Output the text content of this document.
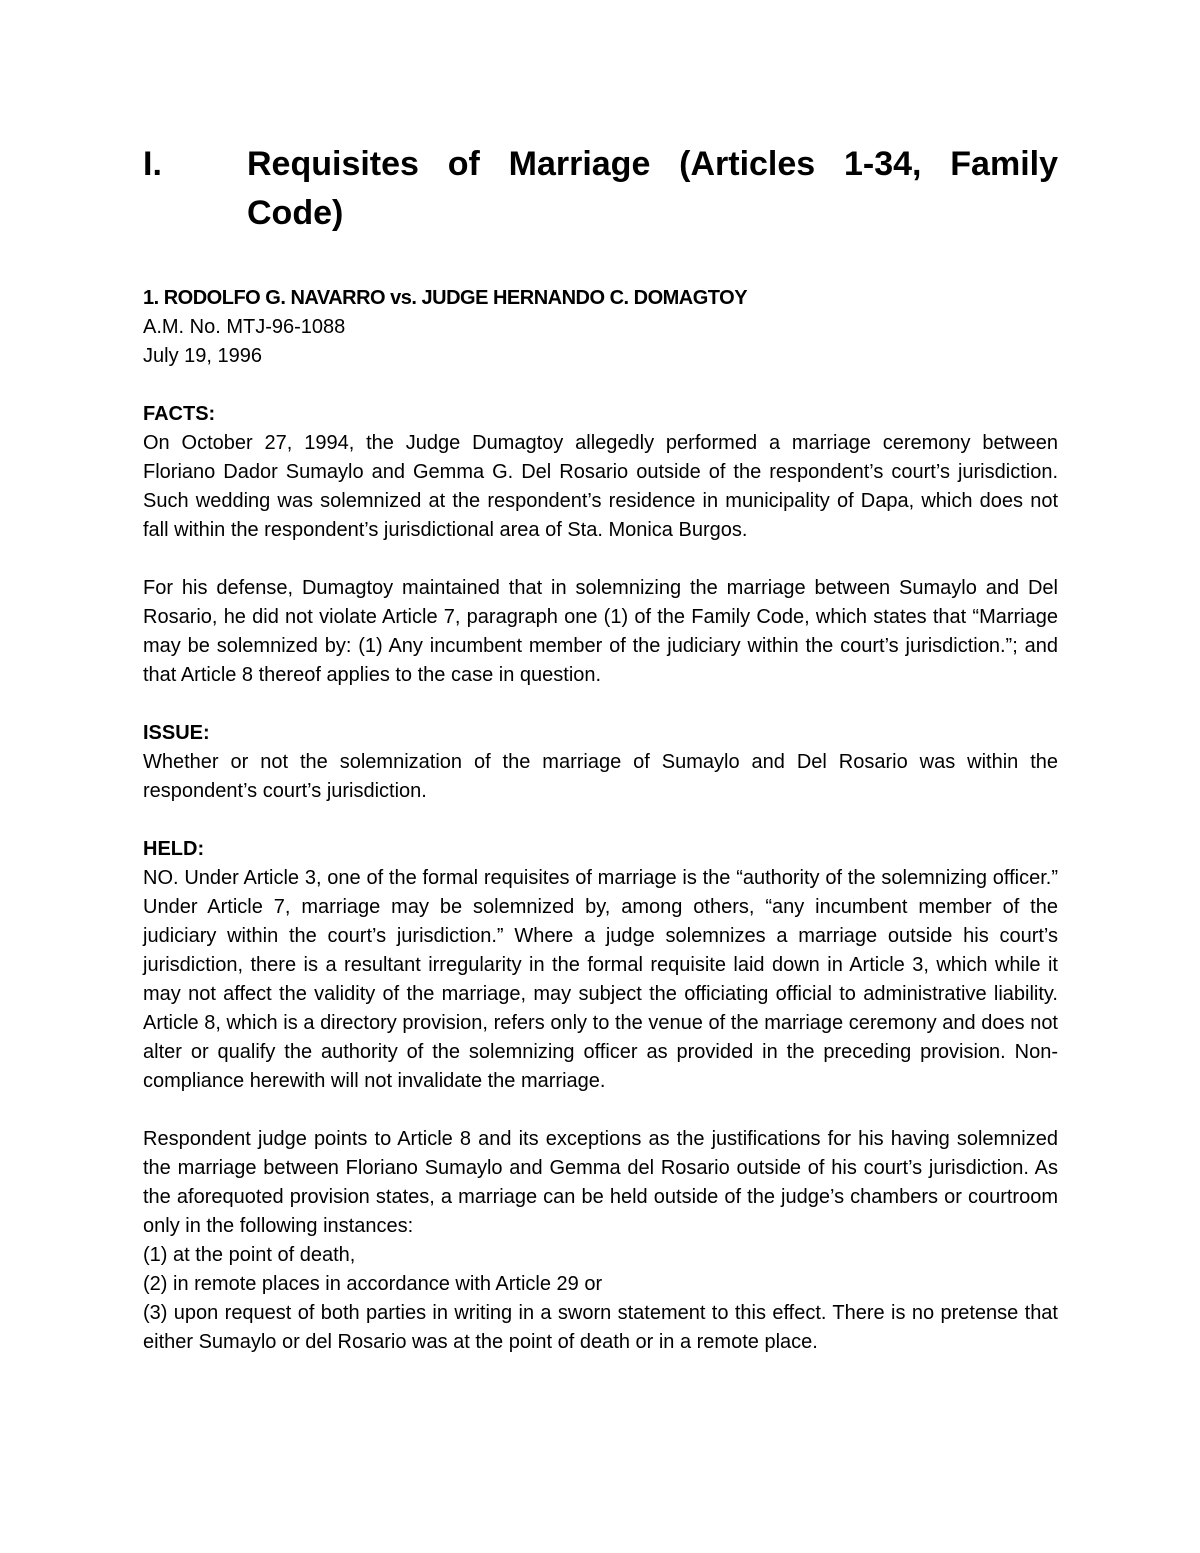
I.	Requisites of Marriage (Articles 1-34, Family Code)

1. RODOLFO G. NAVARRO vs. JUDGE HERNANDO C. DOMAGTOY

A.M. No. MTJ-96-1088

July 19, 1996

FACTS:

On October 27, 1994, the Judge Dumagtoy allegedly performed a marriage ceremony between Floriano Dador Sumaylo and Gemma G. Del Rosario outside of the respondent’s court’s jurisdiction. Such wedding was solemnized at the respondent’s residence in municipality of Dapa, which does not fall within the respondent’s jurisdictional area of Sta. Monica Burgos.

For his defense, Dumagtoy maintained that in solemnizing the marriage between Sumaylo and Del Rosario, he did not violate Article 7, paragraph one (1) of the Family Code, which states that “Marriage may be solemnized by: (1) Any incumbent member of the judiciary within the court’s jurisdiction.”; and that Article 8 thereof applies to the case in question.

ISSUE:

Whether or not the solemnization of the marriage of Sumaylo and Del Rosario was within the respondent’s court’s jurisdiction.

HELD:

NO. Under Article 3, one of the formal requisites of marriage is the “authority of the solemnizing officer.” Under Article 7, marriage may be solemnized by, among others, “any incumbent member of the judiciary within the court’s jurisdiction.” Where a judge solemnizes a marriage outside his court’s jurisdiction, there is a resultant irregularity in the formal requisite laid down in Article 3, which while it may not affect the validity of the marriage, may subject the officiating official to administrative liability. Article 8, which is a directory provision, refers only to the venue of the marriage ceremony and does not alter or qualify the authority of the solemnizing officer as provided in the preceding provision. Non-compliance herewith will not invalidate the marriage.

Respondent judge points to Article 8 and its exceptions as the justifications for his having solemnized the marriage between Floriano Sumaylo and Gemma del Rosario outside of his court’s jurisdiction. As the aforequoted provision states, a marriage can be held outside of the judge’s chambers or courtroom only in the following instances:

(1) at the point of death,

(2) in remote places in accordance with Article 29 or

(3) upon request of both parties in writing in a sworn statement to this effect. There is no pretense that either Sumaylo or del Rosario was at the point of death or in a remote place.
